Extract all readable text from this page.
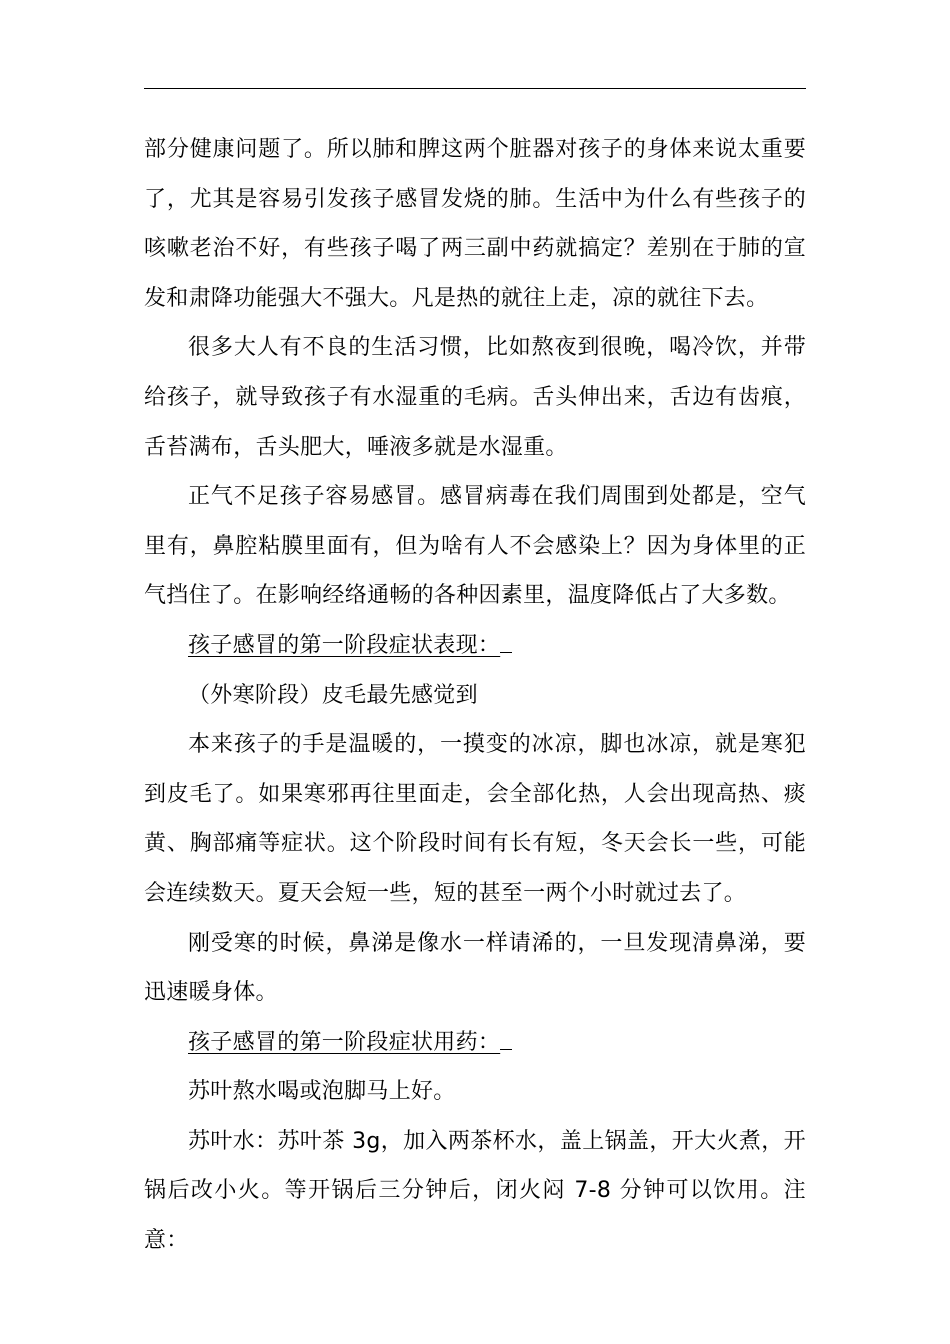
部分健康问题了。所以肺和脾这两个脏器对孩子的身体来说太重要了，尤其是容易引发孩子感冒发烧的肺。生活中为什么有些孩子的咳嗽老治不好，有些孩子喝了两三副中药就搞定？差别在于肺的宣发和肃降功能强大不强大。凡是热的就往上走，凉的就往下去。

很多大人有不良的生活习惯，比如熬夜到很晚，喝冷饮，并带给孩子，就导致孩子有水湿重的毛病。舌头伸出来，舌边有齿痕，舌苔满布，舌头肥大，唾液多就是水湿重。

正气不足孩子容易感冒。感冒病毒在我们周围到处都是，空气里有，鼻腔粘膜里面有，但为啥有人不会感染上？因为身体里的正气挡住了。在影响经络通畅的各种因素里，温度降低占了大多数。

孩子感冒的第一阶段症状表现：

（外寒阶段）皮毛最先感觉到

本来孩子的手是温暖的，一摸变的冰凉，脚也冰凉，就是寒犯到皮毛了。如果寒邪再往里面走，会全部化热，人会出现高热、痰黄、胸部痛等症状。这个阶段时间有长有短，冬天会长一些，可能会连续数天。夏天会短一些，短的甚至一两个小时就过去了。

刚受寒的时候，鼻涕是像水一样请浠的，一旦发现清鼻涕，要迅速暖身体。

孩子感冒的第一阶段症状用药：

苏叶熬水喝或泡脚马上好。

苏叶水：苏叶茶 3g，加入两茶杯水，盖上锅盖，开大火煮，开锅后改小火。等开锅后三分钟后，闭火闷 7-8 分钟可以饮用。注意：
